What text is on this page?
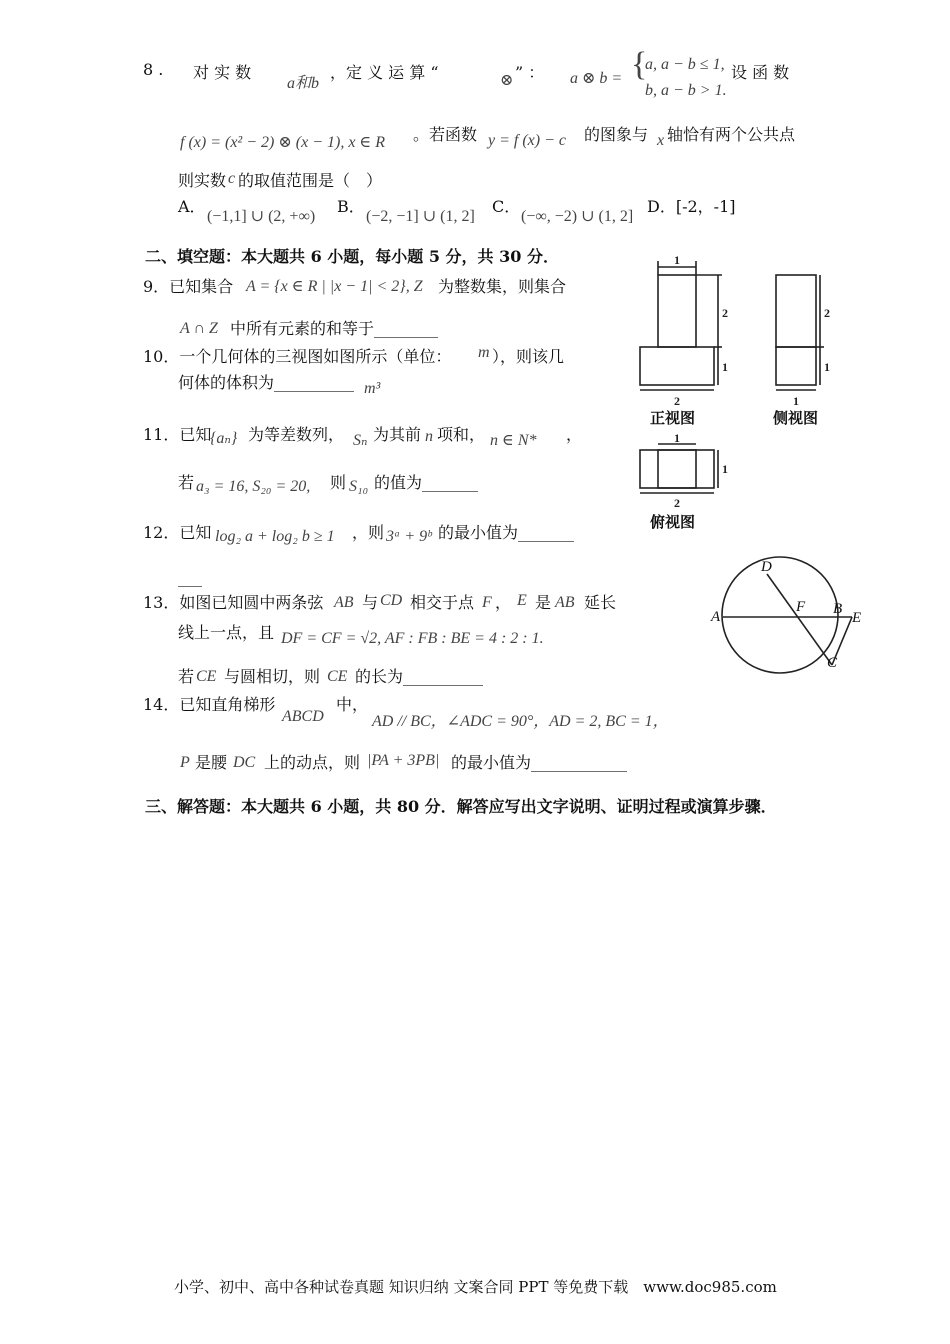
8 . 对 实 数
a和b
，定 义 运 算 “	⊗ ” ： a ⊗ b = {
a, a − b ≤ 1,
b, a − b > 1.
设 函 数
f (x) = (x² − 2) ⊗ (x − 1), x ∈ R 。若函数 y = f (x) − c 的图象与 x 轴恰有两个公共点
则实数 c 的取值范围是（　）
A．
(−1,1] ∪ (2, +∞)
B．
(−2, −1] ∪ (1, 2]
C．
(−∞, −2) ∪ (1, 2]
D．[-2，-1]
二、填空题：本大题共 6 小题，每小题 5 分，共 30 分．
9．已知集合 A = {x ∈ R | |x − 1| < 2}, Z 为整数集，则集合
A ∩ Z 中所有元素的和等于________
10．一个几何体的三视图如图所示（单位： m ），则该几
何体的体积为__________ m³
11．已知
{aₙ} 为等差数列， Sₙ 为其前 n 项和， n ∈ N* ，
若 a₃ = 16, S₂₀ = 20, 则 S₁₀ 的值为_______
12．已知 log₂ a + log₂ b ≥ 1 ，则 3ᵃ + 9ᵇ 的最小值为_______
___
13．如图已知圆中两条弦 AB 与 CD 相交于点 F ， E 是 AB 延长
线上一点，且 DF = CF = √2, AF : FB : BE = 4 : 2 : 1.
若 CE 与圆相切，则 CE 的长为__________
14．已知直角梯形
ABCD
中，
AD // BC，∠ADC = 90°，AD = 2, BC = 1，
P 是腰 DC 上的动点，则 |PA + 3PB| 的最小值为____________
三、解答题：本大题共 6 小题，共 80 分．解答应写出文字说明、证明过程或演算步骤．
1
2
1
2
2
1
1
1
1
2
正视图	侧视图
俯视图
A	B
C
D
E
F
小学、初中、高中各种试卷真题 知识归纳 文案合同 PPT 等免费下载　www.doc985.com
